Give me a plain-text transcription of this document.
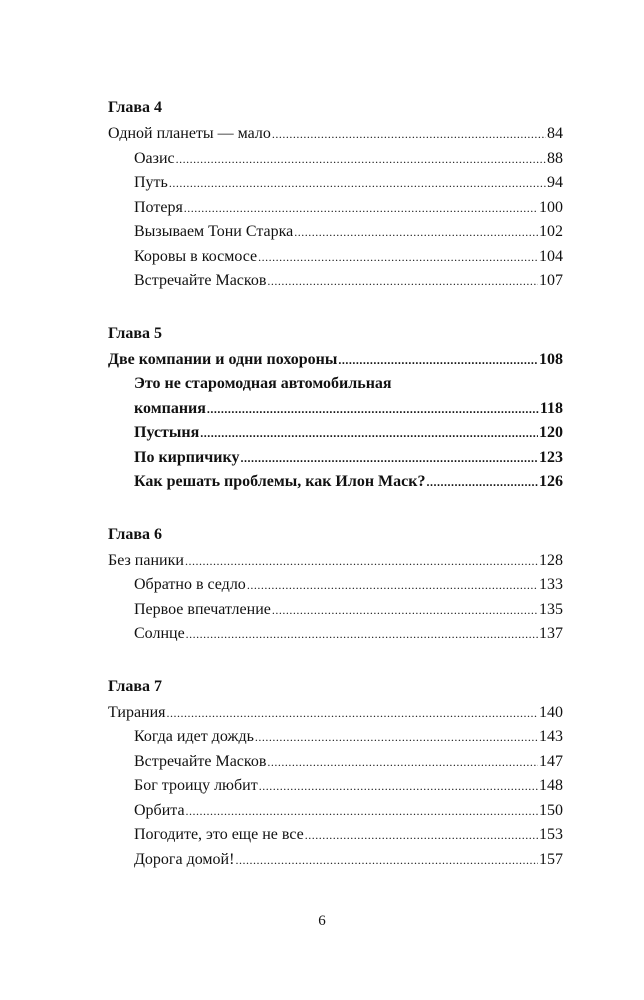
Глава 4
Одной планеты — мало .....	84
Оазис .....	88
Путь .....	94
Потеря .....	100
Вызываем Тони Старка .....	102
Коровы в космосе .....	104
Встречайте Масков .....	107
Глава 5
Две компании и одни похороны .....	108
Это не старомодная автомобильная
компания .....	118
Пустыня .....	120
По кирпичику .....	123
Как решать проблемы, как Илон Маск? .....	126
Глава 6
Без паники .....	128
Обратно в седло .....	133
Первое впечатление .....	135
Солнце .....	137
Глава 7
Тирания .....	140
Когда идет дождь .....	143
Встречайте Масков .....	147
Бог троицу любит .....	148
Орбита .....	150
Погодите, это еще не все .....	153
Дорога домой! .....	157
6
